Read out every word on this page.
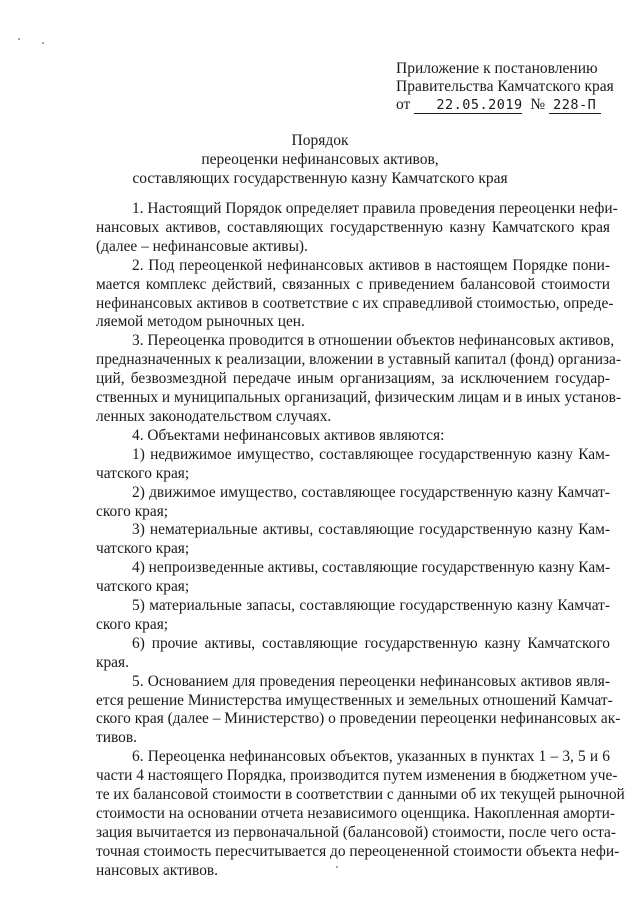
Приложение к постановлению
Правительства Камчатского края
от 22.05.2019 № 228-П
Порядок
переоценки нефинансовых активов,
составляющих государственную казну Камчатского края
1. Настоящий Порядок определяет правила проведения переоценки нефи-
нансовых активов, составляющих государственную казну Камчатского края
(далее – нефинансовые активы).
2. Под переоценкой нефинансовых активов в настоящем Порядке пони-
мается комплекс действий, связанных с приведением балансовой стоимости
нефинансовых активов в соответствие с их справедливой стоимостью, опреде-
ляемой методом рыночных цен.
3. Переоценка проводится в отношении объектов нефинансовых активов,
предназначенных к реализации, вложении в уставный капитал (фонд) организа-
ций, безвозмездной передаче иным организациям, за исключением государ-
ственных и муниципальных организаций, физическим лицам и в иных установ-
ленных законодательством случаях.
4. Объектами нефинансовых активов являются:
1) недвижимое имущество, составляющее государственную казну Кам-
чатского края;
2) движимое имущество, составляющее государственную казну Камчат-
ского края;
3) нематериальные активы, составляющие государственную казну Кам-
чатского края;
4) непроизведенные активы, составляющие государственную казну Кам-
чатского края;
5) материальные запасы, составляющие государственную казну Камчат-
ского края;
6) прочие активы, составляющие государственную казну Камчатского
края.
5. Основанием для проведения переоценки нефинансовых активов явля-
ется решение Министерства имущественных и земельных отношений Камчат-
ского края (далее – Министерство) о проведении переоценки нефинансовых ак-
тивов.
6. Переоценка нефинансовых объектов, указанных в пунктах 1 – 3, 5 и 6
части 4 настоящего Порядка, производится путем изменения в бюджетном уче-
те их балансовой стоимости в соответствии с данными об их текущей рыночной
стоимости на основании отчета независимого оценщика. Накопленная аморти-
зация вычитается из первоначальной (балансовой) стоимости, после чего оста-
точная стоимость пересчитывается до переоцененной стоимости объекта нефи-
нансовых активов.
